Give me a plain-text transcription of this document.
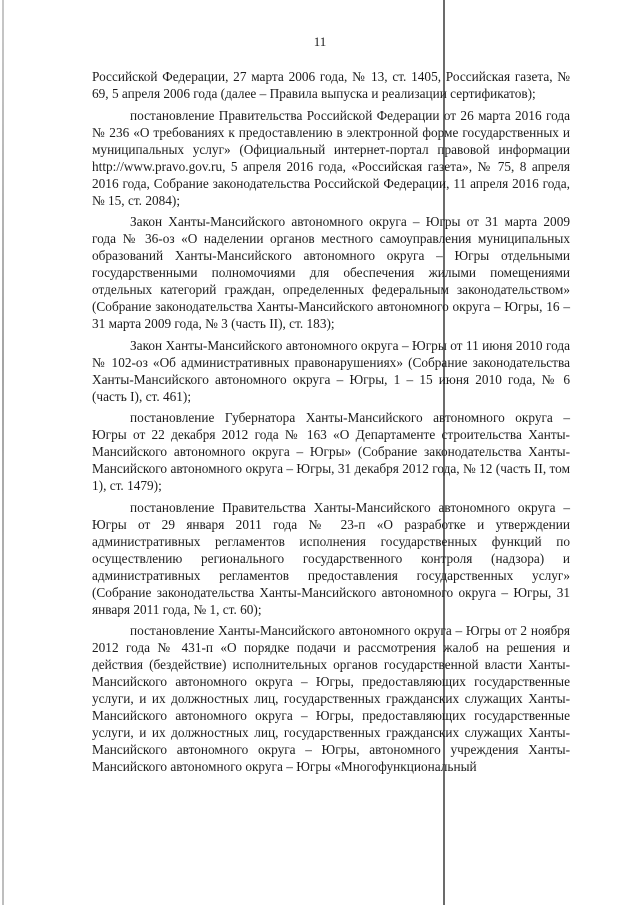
11

Российской Федерации, 27 марта 2006 года, № 13, ст. 1405, Российская газета, № 69, 5 апреля 2006 года (далее – Правила выпуска и реализации сертификатов);

постановление Правительства Российской Федерации от 26 марта 2016 года № 236 «О требованиях к предоставлению в электронной форме государственных и муниципальных услуг» (Официальный интернет-портал правовой информации http://www.pravo.gov.ru, 5 апреля 2016 года, «Российская газета», № 75, 8 апреля 2016 года, Собрание законодательства Российской Федерации, 11 апреля 2016 года, № 15, ст. 2084);

Закон Ханты-Мансийского автономного округа – Югры от 31 марта 2009 года № 36-оз «О наделении органов местного самоуправления муниципальных образований Ханты-Мансийского автономного округа – Югры отдельными государственными полномочиями для обеспечения жилыми помещениями отдельных категорий граждан, определенных федеральным законодательством» (Собрание законодательства Ханты-Мансийского автономного округа – Югры, 16 – 31 марта 2009 года, № 3 (часть II), ст. 183);

Закон Ханты-Мансийского автономного округа – Югры от 11 июня 2010 года № 102-оз «Об административных правонарушениях» (Собрание законодательства Ханты-Мансийского автономного округа – Югры, 1 – 15 июня 2010 года, № 6 (часть I), ст. 461);

постановление Губернатора Ханты-Мансийского автономного округа – Югры от 22 декабря 2012 года № 163 «О Департаменте строительства Ханты-Мансийского автономного округа – Югры» (Собрание законодательства Ханты-Мансийского автономного округа – Югры, 31 декабря 2012 года, № 12 (часть II, том 1), ст. 1479);

постановление Правительства Ханты-Мансийского автономного округа – Югры от 29 января 2011 года № 23-п «О разработке и утверждении административных регламентов исполнения государственных функций по осуществлению регионального государственного контроля (надзора) и административных регламентов предоставления государственных услуг» (Собрание законодательства Ханты-Мансийского автономного округа – Югры, 31 января 2011 года, № 1, ст. 60);

постановление Ханты-Мансийского автономного округа – Югры от 2 ноября 2012 года № 431-п «О порядке подачи и рассмотрения жалоб на решения и действия (бездействие) исполнительных органов государственной власти Ханты-Мансийского автономного округа – Югры, предоставляющих государственные услуги, и их должностных лиц, государственных гражданских служащих Ханты-Мансийского автономного округа – Югры, предоставляющих государственные услуги, и их должностных лиц, государственных гражданских служащих Ханты-Мансийского автономного округа – Югры, автономного учреждения Ханты-Мансийского автономного округа – Югры «Многофункциональный
